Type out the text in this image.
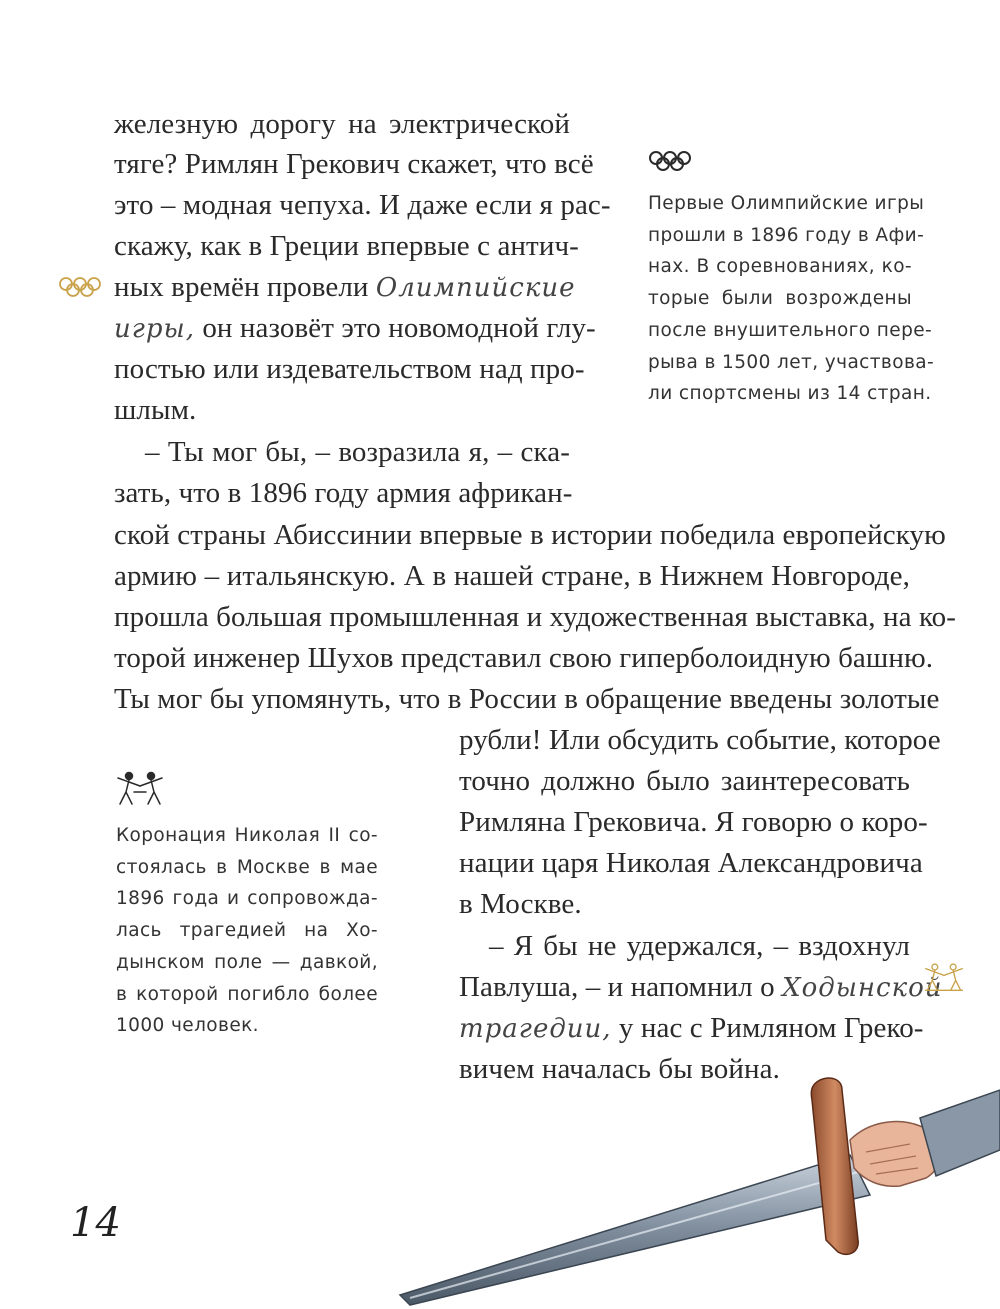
железную дорогу на электрической
тяге? Римлян Грекович скажет, что всё
это – модная чепуха. И даже если я рас-
скажу, как в Греции впервые с антич-
ных времён провели Олимпийские
игры, он назовёт это новомодной глу-
постью или издевательством над про-
шлым.
– Ты мог бы, – возразила я, – ска-
зать, что в 1896 году армия африкан-
ской страны Абиссинии впервые в истории победила европейскую
армию – итальянскую. А в нашей стране, в Нижнем Новгороде,
прошла большая промышленная и художественная выставка, на ко-
торой инженер Шухов представил свою гиперболоидную башню.
Ты мог бы упомянуть, что в России в обращение введены золотые
рубли! Или обсудить событие, которое
точно должно было заинтересовать
Римляна Грековича. Я говорю о коро-
нации царя Николая Александровича
в Москве.
– Я бы не удержался, – вздохнул
Павлуша, – и напомнил о Ходынской
трагедии, у нас с Римляном Греко-
вичем началась бы война.
Первые Олимпийские игры
прошли в 1896 году в Афи-
нах. В соревнованиях, ко-
торые были возрождены
после внушительного пере-
рыва в 1500 лет, участвова-
ли спортсмены из 14 стран.
Коронация Николая II со-
стоялась в Москве в мае
1896 года и сопровожда-
лась трагедией на Хо-
дынском поле — давкой,
в которой погибло более
1000 человек.
14
